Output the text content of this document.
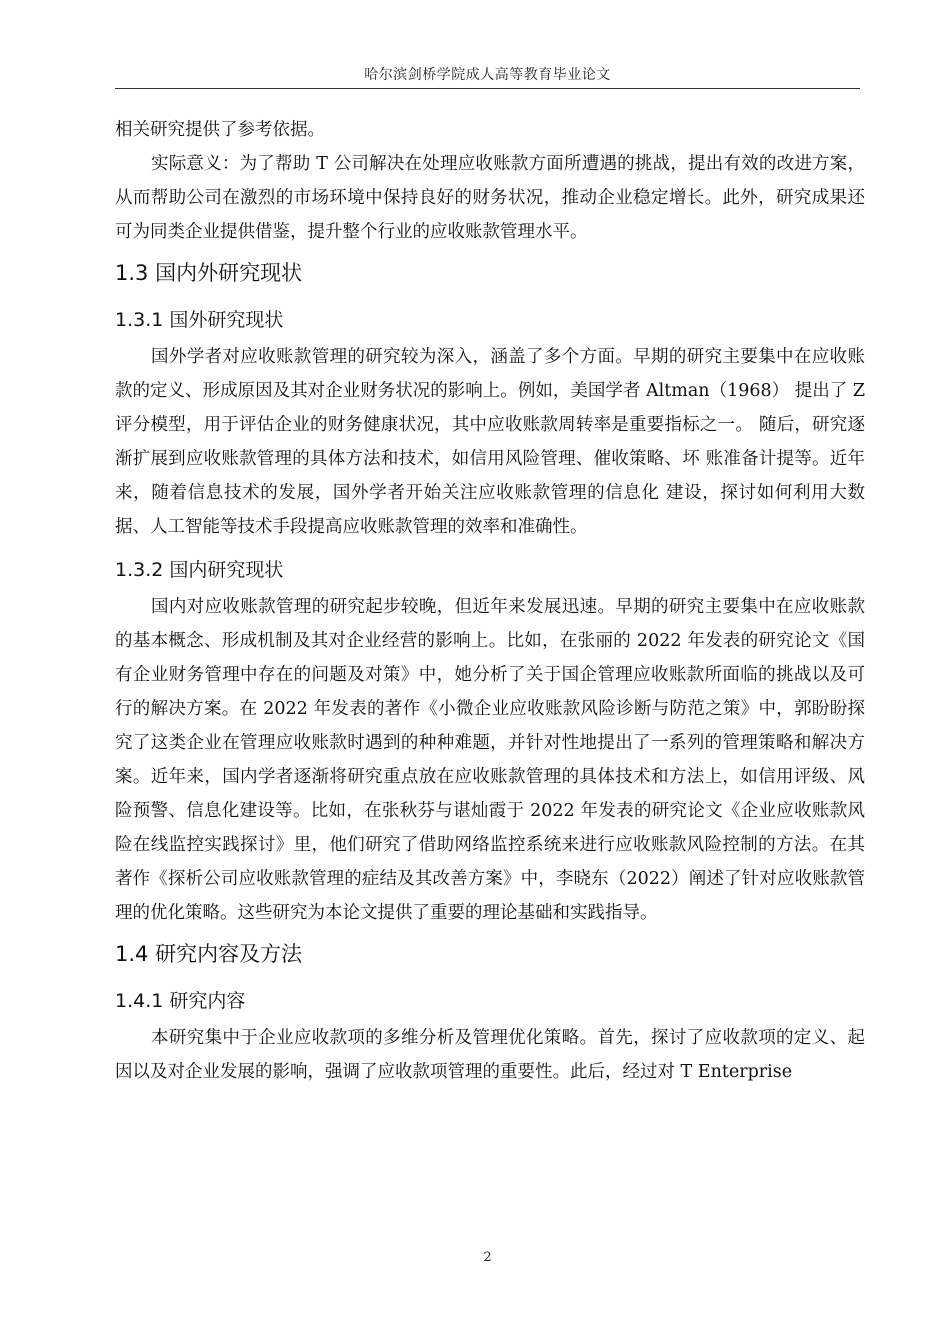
哈尔滨剑桥学院成人高等教育毕业论文

相关研究提供了参考依据。

实际意义：为了帮助 T 公司解决在处理应收账款方面所遭遇的挑战，提出有效的改进方案，从而帮助公司在激烈的市场环境中保持良好的财务状况，推动企业稳定增长。此外，研究成果还可为同类企业提供借鉴，提升整个行业的应收账款管理水平。

1.3 国内外研究现状
1.3.1 国外研究现状

国外学者对应收账款管理的研究较为深入，涵盖了多个方面。早期的研究主要集中在应收账款的定义、形成原因及其对企业财务状况的影响上。例如，美国学者 Altman（1968） 提出了 Z 评分模型，用于评估企业的财务健康状况，其中应收账款周转率是重要指标之一。 随后，研究逐渐扩展到应收账款管理的具体方法和技术，如信用风险管理、催收策略、坏 账准备计提等。近年来，随着信息技术的发展，国外学者开始关注应收账款管理的信息化 建设，探讨如何利用大数据、人工智能等技术手段提高应收账款管理的效率和准确性。

1.3.2 国内研究现状

国内对应收账款管理的研究起步较晚，但近年来发展迅速。早期的研究主要集中在应收账款的基本概念、形成机制及其对企业经营的影响上。比如，在张丽的 2022 年发表的研究论文《国有企业财务管理中存在的问题及对策》中，她分析了关于国企管理应收账款所面临的挑战以及可行的解决方案。在 2022 年发表的著作《小微企业应收账款风险诊断与防范之策》中，郭盼盼探究了这类企业在管理应收账款时遇到的种种难题，并针对性地提出了一系列的管理策略和解决方案。近年来，国内学者逐渐将研究重点放在应收账款管理的具体技术和方法上，如信用评级、风险预警、信息化建设等。比如，在张秋芬与谌灿霞于 2022 年发表的研究论文《企业应收账款风险在线监控实践探讨》里，他们研究了借助网络监控系统来进行应收账款风险控制的方法。在其著作《探析公司应收账款管理的症结及其改善方案》中，李晓东（2022）阐述了针对应收账款管理的优化策略。这些研究为本论文提供了重要的理论基础和实践指导。

1.4 研究内容及方法
1.4.1 研究内容

本研究集中于企业应收款项的多维分析及管理优化策略。首先，探讨了应收款项的定义、起因以及对企业发展的影响，强调了应收款项管理的重要性。此后，经过对 T Enterprise

2
